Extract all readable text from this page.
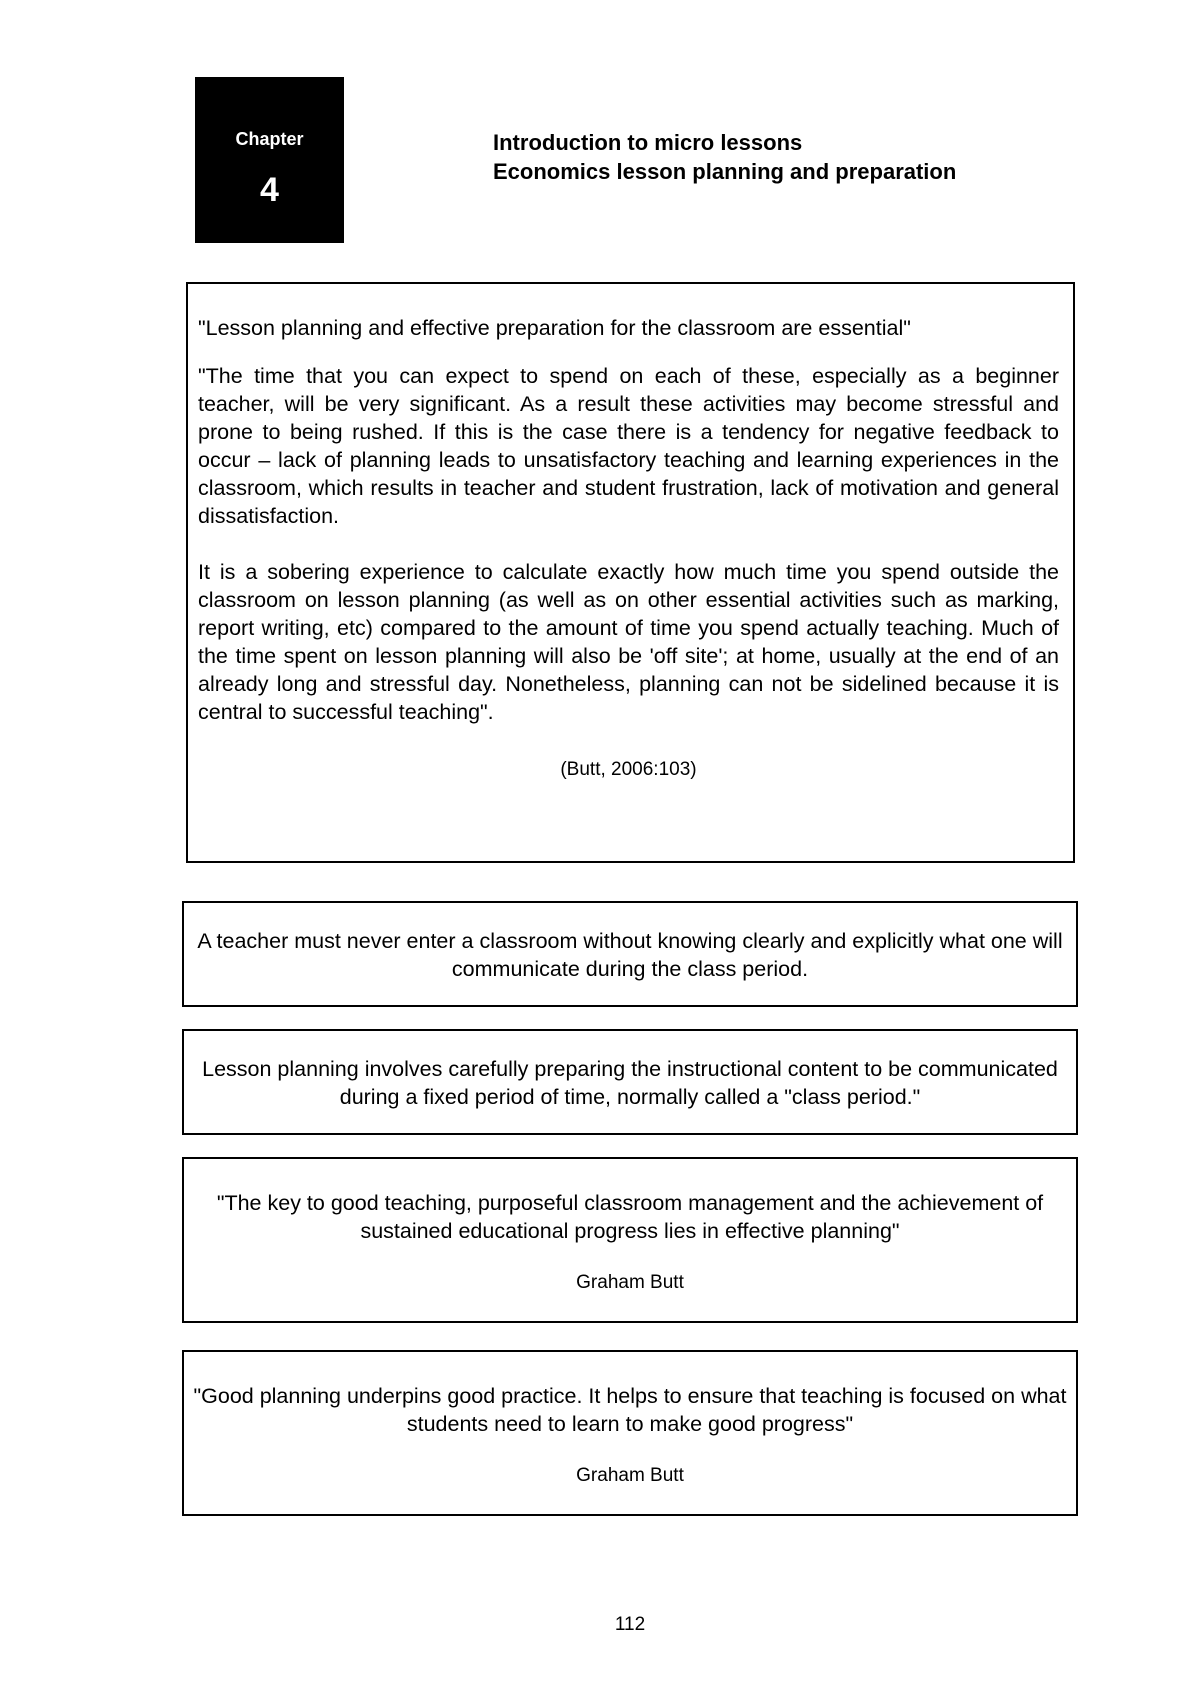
Chapter
4
Introduction to micro lessons
Economics lesson planning and preparation

"Lesson planning and effective preparation for the classroom are essential"

"The time that you can expect to spend on each of these, especially as a beginner teacher, will be very significant. As a result these activities may become stressful and prone to being rushed. If this is the case there is a tendency for negative feedback to occur – lack of planning leads to unsatisfactory teaching and learning experiences in the classroom, which results in teacher and student frustration, lack of motivation and general dissatisfaction.

It is a sobering experience to calculate exactly how much time you spend outside the classroom on lesson planning (as well as on other essential activities such as marking, report writing, etc) compared to the amount of time you spend actually teaching. Much of the time spent on lesson planning will also be 'off site'; at home, usually at the end of an already long and stressful day. Nonetheless, planning can not be sidelined because it is central to successful teaching".

(Butt, 2006:103)

A teacher must never enter a classroom without knowing clearly and explicitly what one will communicate during the class period.
Lesson planning involves carefully preparing the instructional content to be communicated during a fixed period of time, normally called a "class period."
"The key to good teaching, purposeful classroom management and the achievement of sustained educational progress lies in effective planning"
Graham Butt
"Good planning underpins good practice. It helps to ensure that teaching is focused on what students need to learn to make good progress"
Graham Butt
112
